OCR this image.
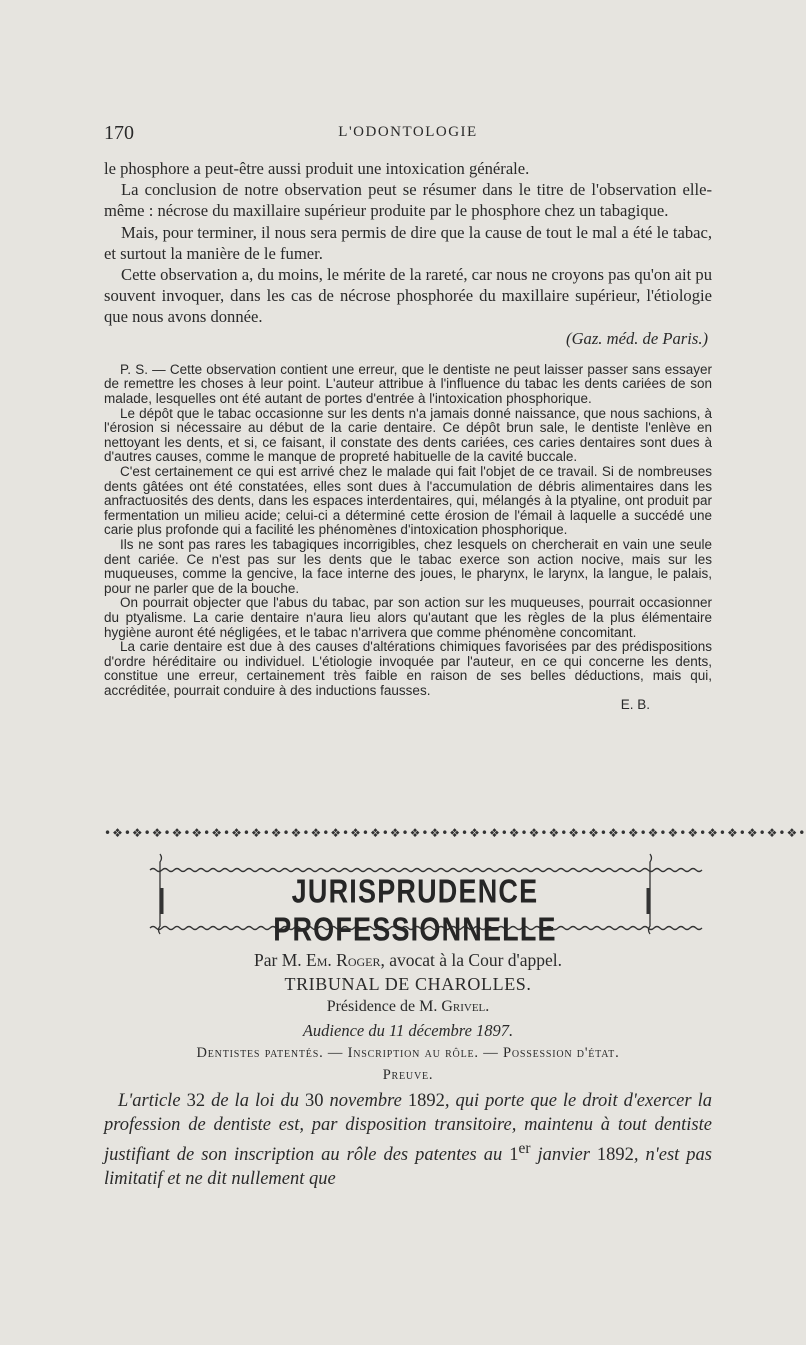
170	L'ODONTOLOGIE

le phosphore a peut-être aussi produit une intoxication générale.

La conclusion de notre observation peut se résumer dans le titre de l'observation elle-même : nécrose du maxillaire supérieur produite par le phosphore chez un tabagique.

Mais, pour terminer, il nous sera permis de dire que la cause de tout le mal a été le tabac, et surtout la manière de le fumer.

Cette observation a, du moins, le mérite de la rareté, car nous ne croyons pas qu'on ait pu souvent invoquer, dans les cas de nécrose phosphorée du maxillaire supérieur, l'étiologie que nous avons donnée.

(Gaz. méd. de Paris.)

P. S. — Cette observation contient une erreur, que le dentiste ne peut laisser passer sans essayer de remettre les choses à leur point. L'auteur attribue à l'influence du tabac les dents cariées de son malade, lesquelles ont été autant de portes d'entrée à l'intoxication phosphorique.

Le dépôt que le tabac occasionne sur les dents n'a jamais donné naissance, que nous sachions, à l'érosion si nécessaire au début de la carie dentaire. Ce dépôt brun sale, le dentiste l'enlève en nettoyant les dents, et si, ce faisant, il constate des dents cariées, ces caries dentaires sont dues à d'autres causes, comme le manque de propreté habituelle de la cavité buccale.

C'est certainement ce qui est arrivé chez le malade qui fait l'objet de ce travail. Si de nombreuses dents gâtées ont été constatées, elles sont dues à l'accumulation de débris alimentaires dans les anfractuosités des dents, dans les espaces interdentaires, qui, mélangés à la ptyaline, ont produit par fermentation un milieu acide; celui-ci a déterminé cette érosion de l'émail à laquelle a succédé une carie plus profonde qui a facilité les phénomènes d'intoxication phosphorique.

Ils ne sont pas rares les tabagiques incorrigibles, chez lesquels on chercherait en vain une seule dent cariée. Ce n'est pas sur les dents que le tabac exerce son action nocive, mais sur les muqueuses, comme la gencive, la face interne des joues, le pharynx, le larynx, la langue, le palais, pour ne parler que de la bouche.

On pourrait objecter que l'abus du tabac, par son action sur les muqueuses, pourrait occasionner du ptyalisme. La carie dentaire n'aura lieu alors qu'autant que les règles de la plus élémentaire hygiène auront été négligées, et le tabac n'arrivera que comme phénomène concomitant.

La carie dentaire est due à des causes d'altérations chimiques favorisées par des prédispositions d'ordre héréditaire ou individuel. L'étiologie invoquée par l'auteur, en ce qui concerne les dents, constitue une erreur, certainement très faible en raison de ses belles déductions, mais qui, accréditée, pourrait conduire à des inductions fausses.

E. B.
•❖•❖•❖•❖•❖•❖•❖•❖•❖•❖•❖•❖•❖•❖•❖•❖•❖•❖•❖•❖•❖•❖•❖•❖•❖•❖•❖•❖•❖•❖•❖•❖•❖•❖•❖•
JURISPRUDENCE PROFESSIONNELLE
Par M. Em. Roger, avocat à la Cour d'appel.
TRIBUNAL DE CHAROLLES.
Présidence de M. Grivel.
Audience du 11 décembre 1897.
Dentistes patentés. — Inscription au rôle. — Possession d'état.
Preuve.

L'article 32 de la loi du 30 novembre 1892, qui porte que le droit d'exercer la profession de dentiste est, par disposition transitoire, maintenu à tout dentiste justifiant de son inscription au rôle des patentes au 1er janvier 1892, n'est pas limitatif et ne dit nullement que
